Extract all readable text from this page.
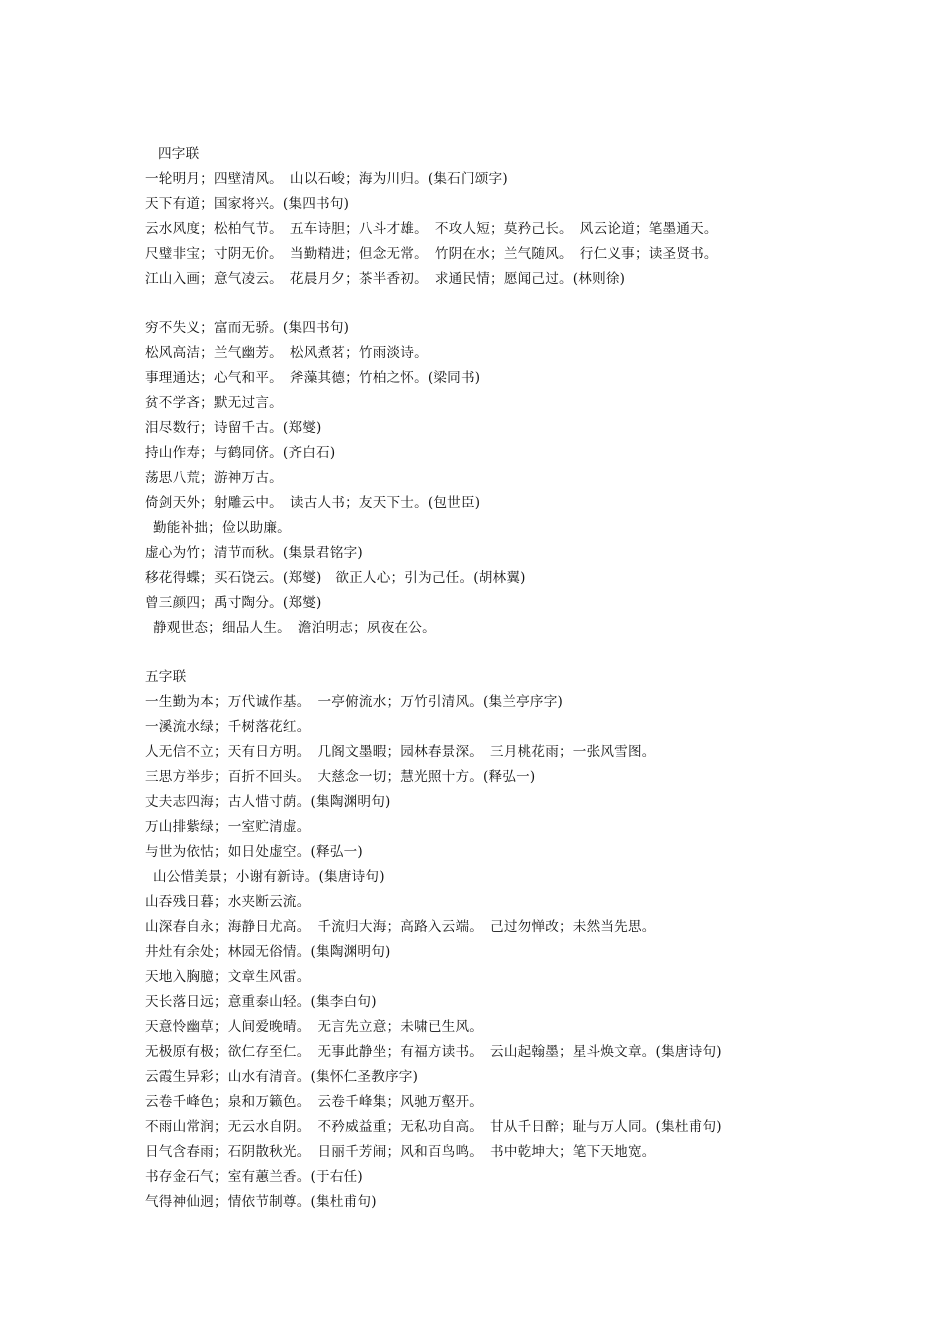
四字联
一轮明月；四壁清风。　山以石峻；海为川归。(集石门颂字)
天下有道；国家将兴。(集四书句)
云水风度；松柏气节。　五车诗胆；八斗才雄。　不攻人短；莫矜己长。　风云论道；笔墨通天。
尺璧非宝；寸阴无价。　当勤精进；但念无常。　竹阴在水；兰气随风。　行仁义事；读圣贤书。
江山入画；意气凌云。　花晨月夕；茶半香初。　求通民情；愿闻己过。(林则徐)
穷不失义；富而无骄。(集四书句)
松风高洁；兰气幽芳。　松风煮茗；竹雨淡诗。
事理通达；心气和平。　斧藻其德；竹柏之怀。(梁同书)
贫不学吝；默无过言。
泪尽数行；诗留千古。(郑燮)
持山作寿；与鹤同侪。(齐白石)
荡思八荒；游神万古。
倚剑天外；射雕云中。　读古人书；友天下士。(包世臣)
勤能补拙；俭以助廉。
虚心为竹；清节而秋。(集景君铭字)
移花得蝶；买石饶云。(郑燮)　欲正人心；引为己任。(胡林翼)
曾三颜四；禹寸陶分。(郑燮)
静观世态；细品人生。　澹泊明志；夙夜在公。
五字联
一生勤为本；万代诚作基。　一亭俯流水；万竹引清风。(集兰亭序字)
一溪流水绿；千树落花红。
人无信不立；天有日方明。　几阁文墨暇；园林春景深。　三月桃花雨；一张风雪图。
三思方举步；百折不回头。　大慈念一切；慧光照十方。(释弘一)
丈夫志四海；古人惜寸荫。(集陶渊明句)
万山排紫绿；一室贮清虚。
与世为依怙；如日处虚空。(释弘一)
山公惜美景；小谢有新诗。(集唐诗句)
山吞残日暮；水夹断云流。
山深春自永；海静日尤高。　千流归大海；高路入云端。　己过勿惮改；未然当先思。
井灶有余处；林园无俗情。(集陶渊明句)
天地入胸臆；文章生风雷。
天长落日远；意重泰山轻。(集李白句)
天意怜幽草；人间爱晚晴。　无言先立意；未啸已生风。
无极原有极；欲仁存至仁。　无事此静坐；有福方读书。　云山起翰墨；星斗焕文章。(集唐诗句)
云霞生异彩；山水有清音。(集怀仁圣教序字)
云卷千峰色；泉和万籁色。　云卷千峰集；风驰万壑开。
不雨山常润；无云水自阴。　不矜威益重；无私功自高。　甘从千日醉；耻与万人同。(集杜甫句)
日气含春雨；石阴散秋光。　日丽千芳闹；风和百鸟鸣。　书中乾坤大；笔下天地宽。
书存金石气；室有蕙兰香。(于右任)
气得神仙迥；情依节制尊。(集杜甫句)
